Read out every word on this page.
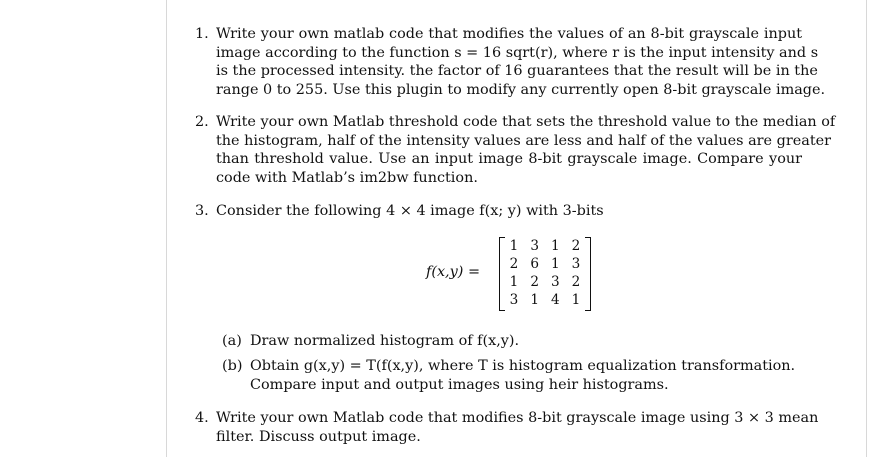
1. Write your own matlab code that modifies the values of an 8-bit grayscale input
image according to the function s = 16 sqrt(r), where r is the input intensity and s
is the processed intensity. the factor of 16 guarantees that the result will be in the
range 0 to 255. Use this plugin to modify any currently open 8-bit grayscale image.
2. Write your own Matlab threshold code that sets the threshold value to the median of
the histogram, half of the intensity values are less and half of the values are greater
than threshold value. Use an input image 8-bit grayscale image. Compare your
code with Matlab’s im2bw function.
3. Consider the following 4 × 4 image f(x; y) with 3-bits
f(x,y) =
1 3 1 2
2 6 1 3
1 2 3 2
3 1 4 1
(a) Draw normalized histogram of f(x,y).
(b) Obtain g(x,y) = T(f(x,y), where T is histogram equalization transformation.
Compare input and output images using heir histograms.
4. Write your own Matlab code that modifies 8-bit grayscale image using 3 × 3 mean
filter. Discuss output image.
